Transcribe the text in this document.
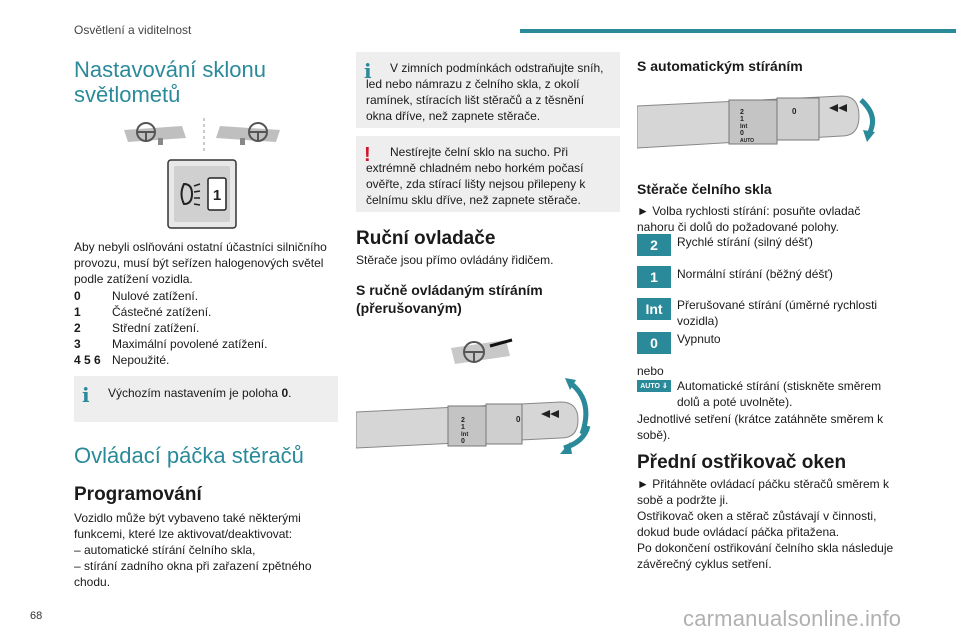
Osvětlení a viditelnost
Nastavování sklonu světlometů
1
Aby nebyli oslňováni ostatní účastníci silničního provozu, musí být seřízen halogenových světel podle zatížení vozidla.
0	Nulové zatížení.
1	Částečné zatížení.
2	Střední zatížení.
3	Maximální povolené zatížení.
4 5 6 Nepoužité.
i Výchozím nastavením je poloha 0.
Ovládací páčka stěračů
Programování
Vozidlo může být vybaveno také některými funkcemi, které lze aktivovat/deaktivovat:
– automatické stírání čelního skla,
– stírání zadního okna při zařazení zpětného chodu.
i	V zimních podmínkách odstraňujte sníh, led nebo námrazu z čelního skla, z okolí ramínek, stíracích lišt stěračů a z těsnění okna dříve, než zapnete stěrače.
!	Nestírejte čelní sklo na sucho. Při extrémně chladném nebo horkém počasí ověřte, zda stírací lišty nejsou přilepeny k čelnímu sklu dříve, než zapnete stěrače.
Ruční ovladače
Stěrače jsou přímo ovládány řidičem.
S ručně ovládaným stíráním (přerušovaným)
2
1
Int
0
0
S automatickým stíráním
2
1
Int
0
AUTO
0
Stěrače čelního skla
► Volba rychlosti stírání: posuňte ovladač nahoru či dolů do požadované polohy.
2	Rychlé stírání (silný déšť)
1	Normální stírání (běžný déšť)
Int	Přerušované stírání (úměrné rychlosti vozidla)
0	Vypnuto
nebo
AUTO ⇓ Automatické stírání (stiskněte směrem dolů a poté uvolněte).
Jednotlivé setření (krátce zatáhněte směrem k sobě).
Přední ostřikovač oken
► Přitáhněte ovládací páčku stěračů směrem k sobě a podržte ji.
Ostřikovač oken a stěrač zůstávají v činnosti, dokud bude ovládací páčka přitažena.
Po dokončení ostřikování čelního skla následuje závěrečný cyklus setření.
68	carmanualsonline.info
